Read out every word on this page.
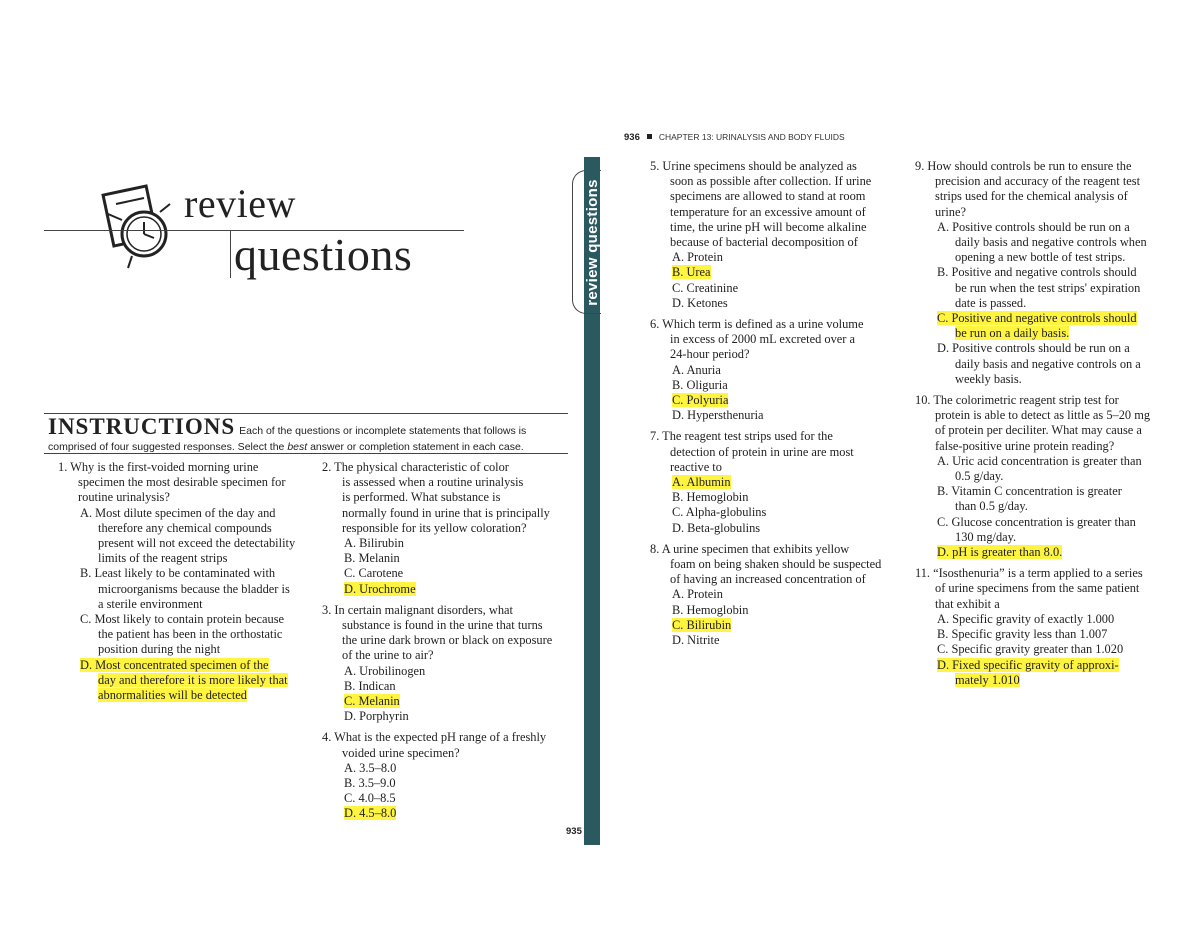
review
questions
INSTRUCTIONS Each of the questions or incomplete statements that follows is
comprised of four suggested responses. Select the best answer or completion statement in each case.
1. Why is the first-voided morning urine
specimen the most desirable specimen for
routine urinalysis?
A. Most dilute specimen of the day and
therefore any chemical compounds
present will not exceed the detectability
limits of the reagent strips
B. Least likely to be contaminated with
microorganisms because the bladder is
a sterile environment
C. Most likely to contain protein because
the patient has been in the orthostatic
position during the night
D. Most concentrated specimen of the
day and therefore it is more likely that
abnormalities will be detected
2. The physical characteristic of color
is assessed when a routine urinalysis
is performed. What substance is
normally found in urine that is principally
responsible for its yellow coloration?
A. Bilirubin
B. Melanin
C. Carotene
D. Urochrome
3. In certain malignant disorders, what
substance is found in the urine that turns
the urine dark brown or black on exposure
of the urine to air?
A. Urobilinogen
B. Indican
C. Melanin
D. Porphyrin
4. What is the expected pH range of a freshly
voided urine specimen?
A. 3.5–8.0
B. 3.5–9.0
C. 4.0–8.5
D. 4.5–8.0
935
review questions
936 CHAPTER 13: URINALYSIS AND BODY FLUIDS
5. Urine specimens should be analyzed as
soon as possible after collection. If urine
specimens are allowed to stand at room
temperature for an excessive amount of
time, the urine pH will become alkaline
because of bacterial decomposition of
A. Protein
B. Urea
C. Creatinine
D. Ketones
6. Which term is defined as a urine volume
in excess of 2000 mL excreted over a
24-hour period?
A. Anuria
B. Oliguria
C. Polyuria
D. Hypersthenuria
7. The reagent test strips used for the
detection of protein in urine are most
reactive to
A. Albumin
B. Hemoglobin
C. Alpha-globulins
D. Beta-globulins
8. A urine specimen that exhibits yellow
foam on being shaken should be suspected
of having an increased concentration of
A. Protein
B. Hemoglobin
C. Bilirubin
D. Nitrite
9. How should controls be run to ensure the
precision and accuracy of the reagent test
strips used for the chemical analysis of
urine?
A. Positive controls should be run on a
daily basis and negative controls when
opening a new bottle of test strips.
B. Positive and negative controls should
be run when the test strips' expiration
date is passed.
C. Positive and negative controls should
be run on a daily basis.
D. Positive controls should be run on a
daily basis and negative controls on a
weekly basis.
10. The colorimetric reagent strip test for
protein is able to detect as little as 5–20 mg
of protein per deciliter. What may cause a
false-positive urine protein reading?
A. Uric acid concentration is greater than
0.5 g/day.
B. Vitamin C concentration is greater
than 0.5 g/day.
C. Glucose concentration is greater than
130 mg/day.
D. pH is greater than 8.0.
11. “Isosthenuria” is a term applied to a series
of urine specimens from the same patient
that exhibit a
A. Specific gravity of exactly 1.000
B. Specific gravity less than 1.007
C. Specific gravity greater than 1.020
D. Fixed specific gravity of approxi-
mately 1.010
